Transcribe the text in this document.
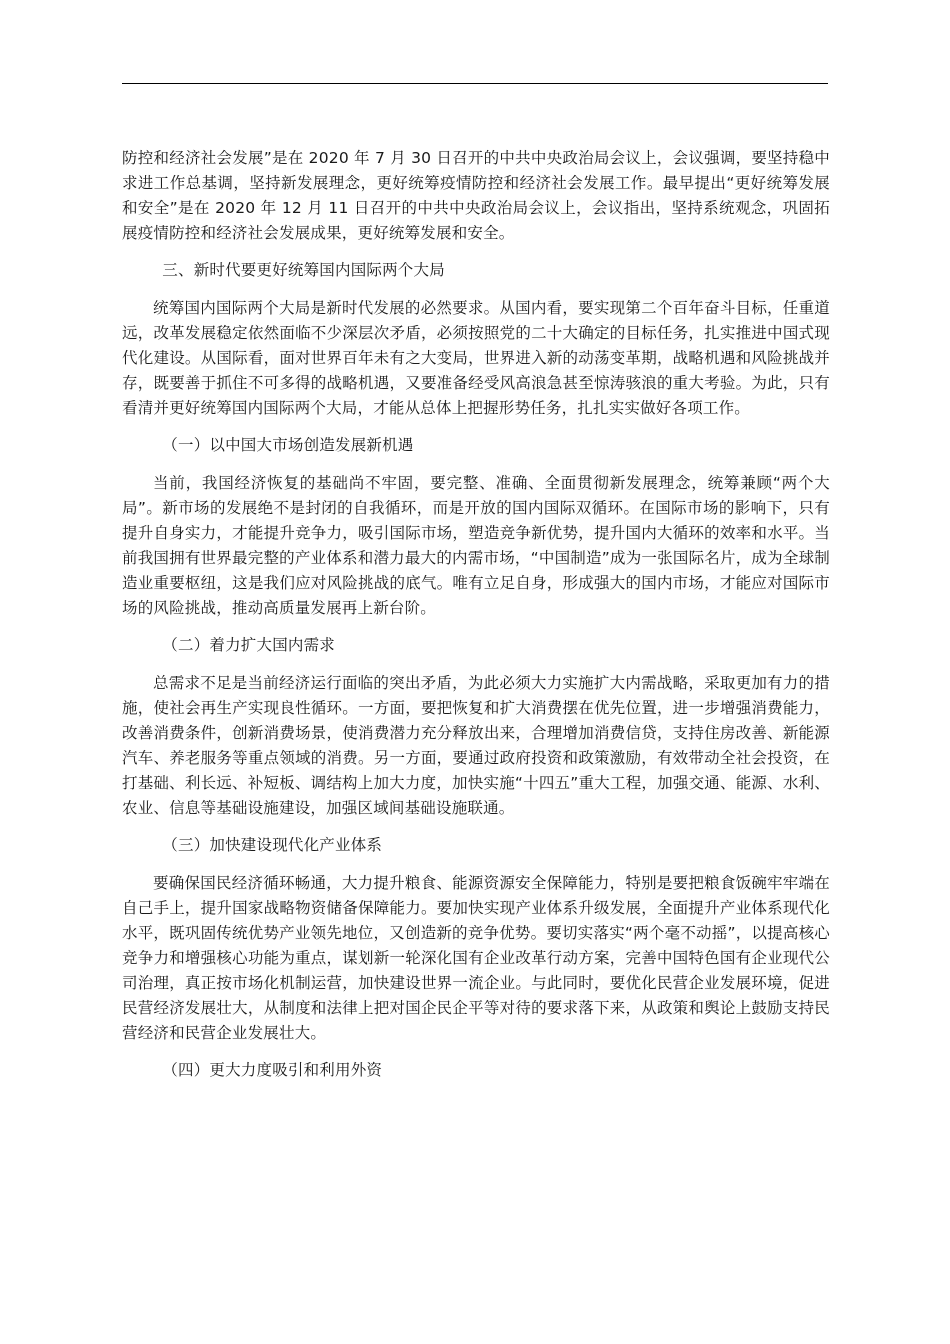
防控和经济社会发展”是在 2020 年 7 月 30 日召开的中共中央政治局会议上，会议强调，要坚持稳中求进工作总基调，坚持新发展理念，更好统筹疫情防控和经济社会发展工作。最早提出“更好统筹发展和安全”是在 2020 年 12 月 11 日召开的中共中央政治局会议上，会议指出，坚持系统观念，巩固拓展疫情防控和经济社会发展成果，更好统筹发展和安全。

三、新时代要更好统筹国内国际两个大局

统筹国内国际两个大局是新时代发展的必然要求。从国内看，要实现第二个百年奋斗目标，任重道远，改革发展稳定依然面临不少深层次矛盾，必须按照党的二十大确定的目标任务，扎实推进中国式现代化建设。从国际看，面对世界百年未有之大变局，世界进入新的动荡变革期，战略机遇和风险挑战并存，既要善于抓住不可多得的战略机遇，又要准备经受风高浪急甚至惊涛骇浪的重大考验。为此，只有看清并更好统筹国内国际两个大局，才能从总体上把握形势任务，扎扎实实做好各项工作。

（一）以中国大市场创造发展新机遇

当前，我国经济恢复的基础尚不牢固，要完整、准确、全面贯彻新发展理念，统筹兼顾“两个大局”。新市场的发展绝不是封闭的自我循环，而是开放的国内国际双循环。在国际市场的影响下，只有提升自身实力，才能提升竞争力，吸引国际市场，塑造竞争新优势，提升国内大循环的效率和水平。当前我国拥有世界最完整的产业体系和潜力最大的内需市场，“中国制造”成为一张国际名片，成为全球制造业重要枢纽，这是我们应对风险挑战的底气。唯有立足自身，形成强大的国内市场，才能应对国际市场的风险挑战，推动高质量发展再上新台阶。

（二）着力扩大国内需求

总需求不足是当前经济运行面临的突出矛盾，为此必须大力实施扩大内需战略，采取更加有力的措施，使社会再生产实现良性循环。一方面，要把恢复和扩大消费摆在优先位置，进一步增强消费能力，改善消费条件，创新消费场景，使消费潜力充分释放出来，合理增加消费信贷，支持住房改善、新能源汽车、养老服务等重点领域的消费。另一方面，要通过政府投资和政策激励，有效带动全社会投资，在打基础、利长远、补短板、调结构上加大力度，加快实施“十四五”重大工程，加强交通、能源、水利、农业、信息等基础设施建设，加强区域间基础设施联通。

（三）加快建设现代化产业体系

要确保国民经济循环畅通，大力提升粮食、能源资源安全保障能力，特别是要把粮食饭碗牢牢端在自己手上，提升国家战略物资储备保障能力。要加快实现产业体系升级发展，全面提升产业体系现代化水平，既巩固传统优势产业领先地位，又创造新的竞争优势。要切实落实“两个毫不动摇”，以提高核心竞争力和增强核心功能为重点，谋划新一轮深化国有企业改革行动方案，完善中国特色国有企业现代公司治理，真正按市场化机制运营，加快建设世界一流企业。与此同时，要优化民营企业发展环境，促进民营经济发展壮大，从制度和法律上把对国企民企平等对待的要求落下来，从政策和舆论上鼓励支持民营经济和民营企业发展壮大。

（四）更大力度吸引和利用外资
